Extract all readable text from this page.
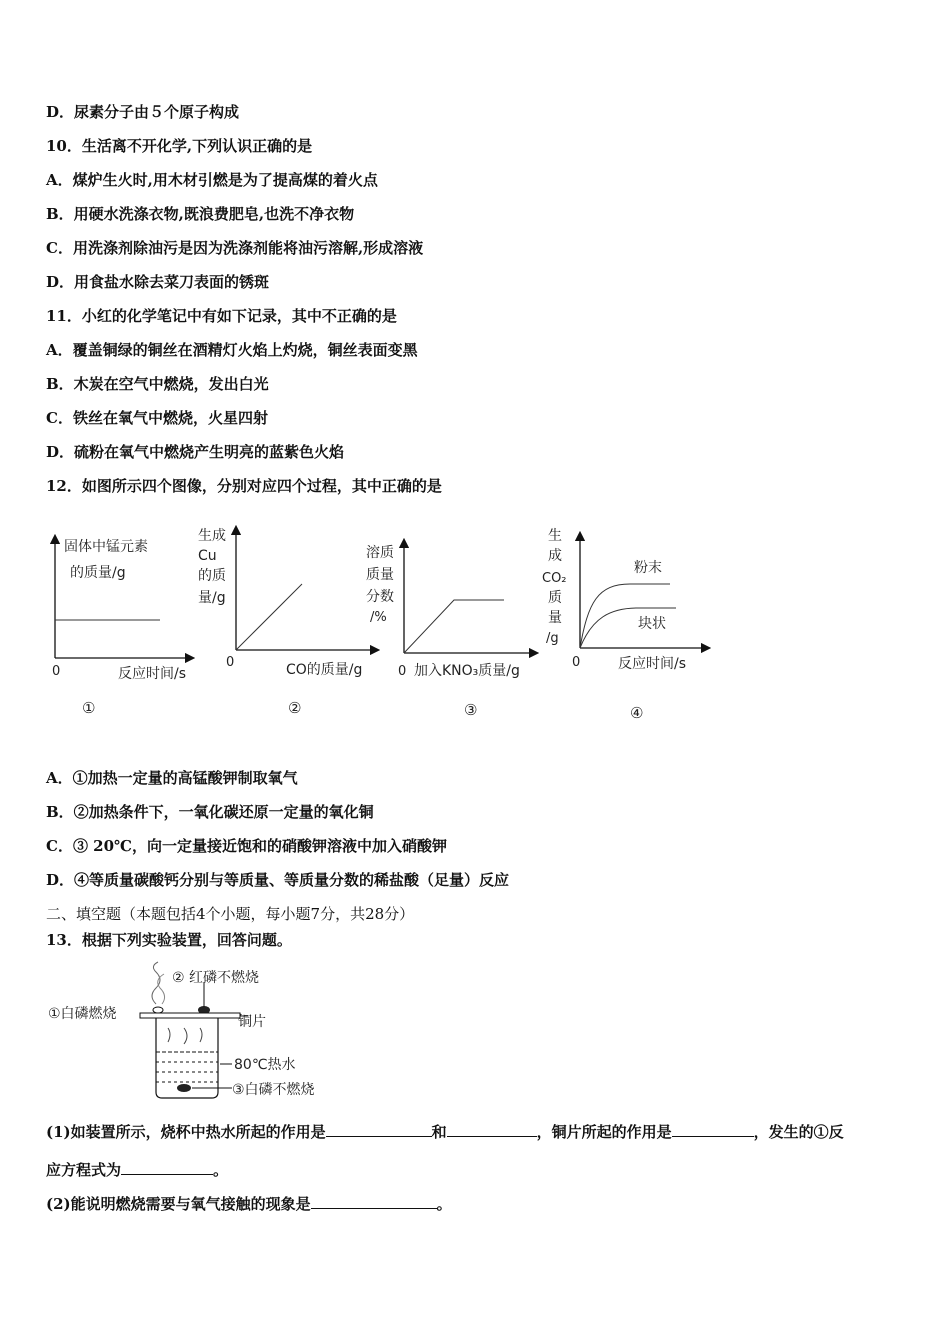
D．尿素分子由５个原子构成
10．生活离不开化学,下列认识正确的是
A．煤炉生火时,用木材引燃是为了提高煤的着火点
B．用硬水洗涤衣物,既浪费肥皂,也洗不净衣物
C．用洗涤剂除油污是因为洗涤剂能将油污溶解,形成溶液
D．用食盐水除去菜刀表面的锈斑
11．小红的化学笔记中有如下记录，其中不正确的是
A．覆盖铜绿的铜丝在酒精灯火焰上灼烧，铜丝表面变黑
B．木炭在空气中燃烧，发出白光
C．铁丝在氧气中燃烧，火星四射
D．硫粉在氧气中燃烧产生明亮的蓝紫色火焰
12．如图所示四个图像，分别对应四个过程，其中正确的是
固体中锰元素
的质量/g
0	反应时间/s
①
生成
Cu
的质
量/g
0	CO的质量/g
②
溶质
质量
分数
/%
0 加入KNO₃质量/g
③
生
成
CO₂
质
量
/g
0	反应时间/s
粉末
块状
④
A．①加热一定量的高锰酸钾制取氧气
B．②加热条件下，一氧化碳还原一定量的氧化铜
C．③ 20℃，向一定量接近饱和的硝酸钾溶液中加入硝酸钾
D．④等质量碳酸钙分别与等质量、等质量分数的稀盐酸（足量）反应
二、填空题（本题包括4个小题，每小题7分，共28分）
13．根据下列实验装置，回答问题。
①白磷燃烧
② 红磷不燃烧
铜片
80℃热水
③白磷不燃烧
(1)如装置所示，烧杯中热水所起的作用是	和	，铜片所起的作用是	，发生的①反
应方程式为	。
(2)能说明燃烧需要与氧气接触的现象是	。
